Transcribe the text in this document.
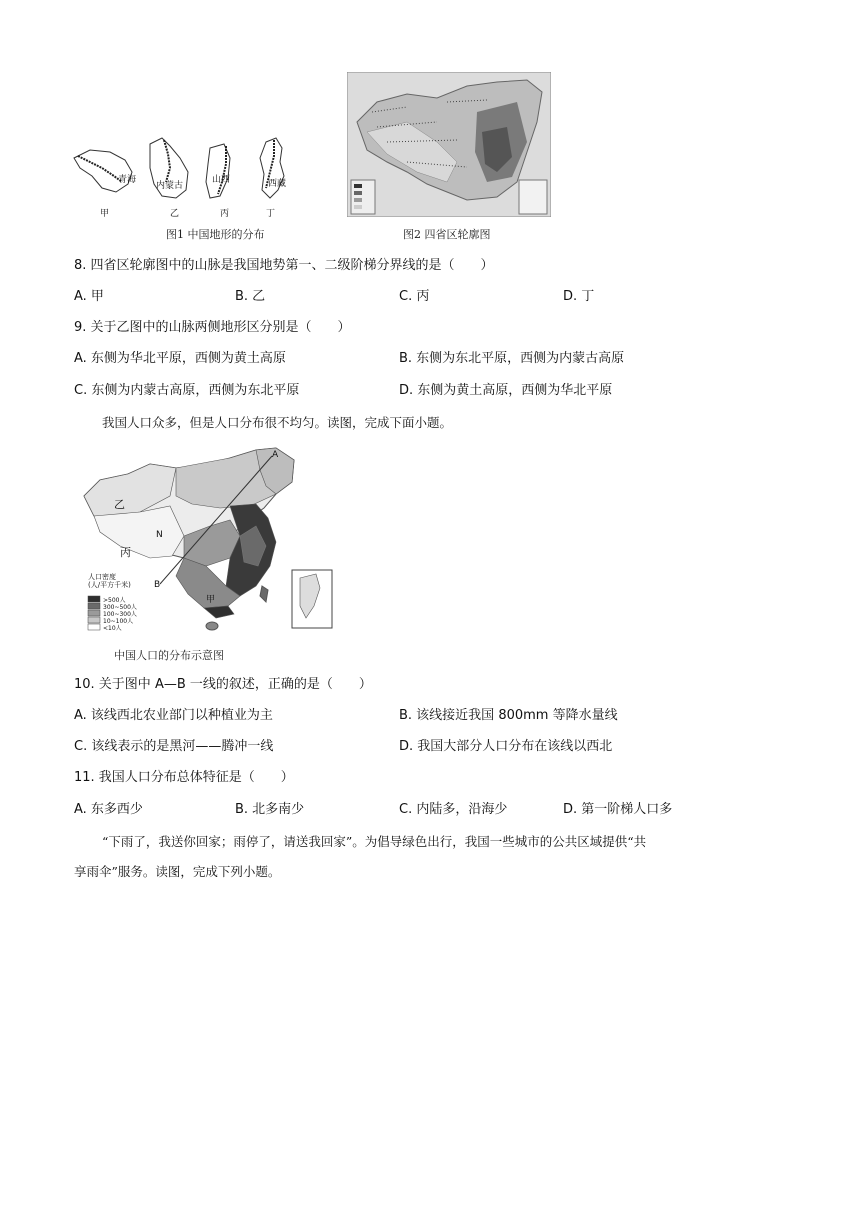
青海
内蒙古
山西	西藏
甲	乙	丙	丁
图1 中国地形的分布	图2 四省区轮廓图
8. 四省区轮廓图中的山脉是我国地势第一、二级阶梯分界线的是（　　）
A. 甲	B. 乙	C. 丙	D. 丁
9. 关于乙图中的山脉两侧地形区分别是（　　）
A. 东侧为华北平原，西侧为黄土高原	B. 东侧为东北平原，西侧为内蒙古高原
C. 东侧为内蒙古高原，西侧为东北平原	D. 东侧为黄土高原，西侧为华北平原
我国人口众多，但是人口分布很不均匀。读图，完成下面小题。
A
B
N
乙
丙
甲
人口密度
(人/平方千米)
>500人
300~500人
100~300人
10~100人
<10人
中国人口的分布示意图
10. 关于图中 A—B 一线的叙述，正确的是（　　）
A. 该线西北农业部门以种植业为主	B. 该线接近我国 800mm 等降水量线
C. 该线表示的是黑河——腾冲一线	D. 我国大部分人口分布在该线以西北
11. 我国人口分布总体特征是（　　）
A. 东多西少	B. 北多南少	C. 内陆多，沿海少	D. 第一阶梯人口多
“下雨了，我送你回家；雨停了，请送我回家”。为倡导绿色出行，我国一些城市的公共区域提供“共
享雨伞”服务。读图，完成下列小题。
